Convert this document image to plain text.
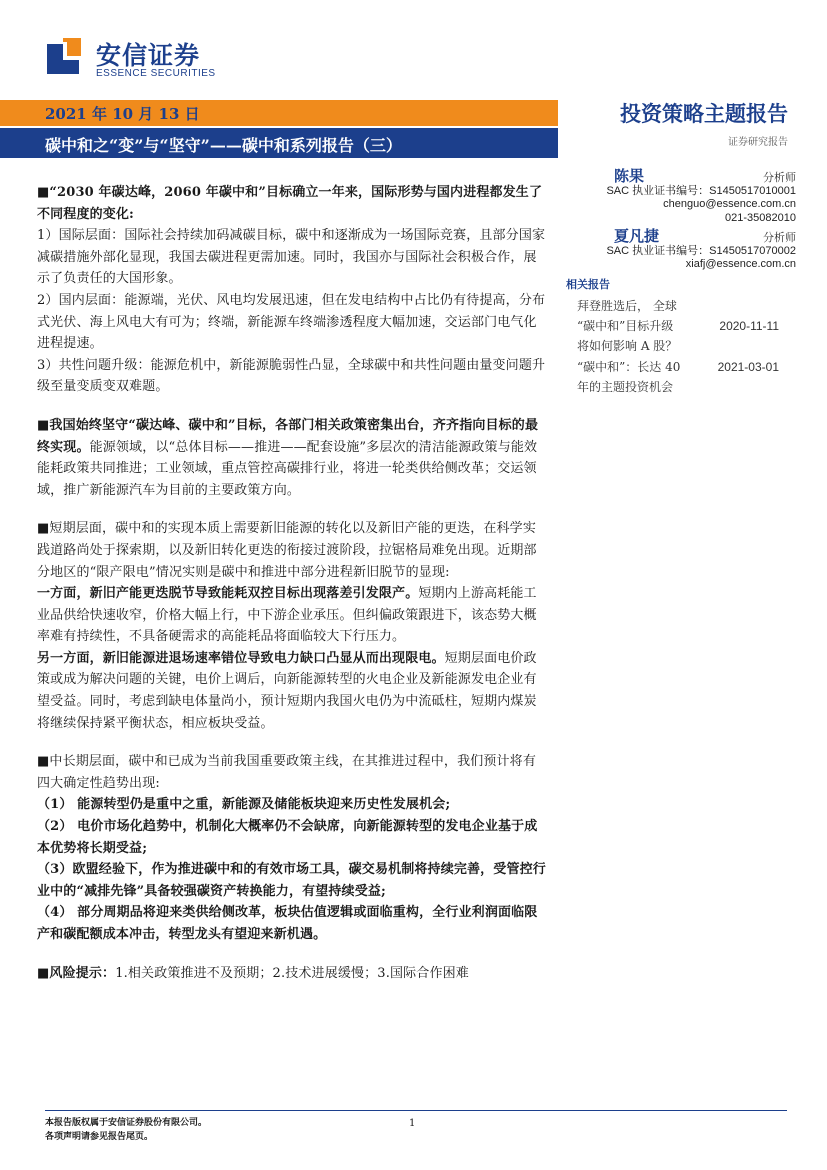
安信证券
ESSENCE SECURITIES
2021 年 10 月 13 日
碳中和之“变”与“坚守”——碳中和系列报告（三）
投资策略主题报告
证券研究报告

■“2030 年碳达峰，2060 年碳中和”目标确立一年来，国际形势与国内进程都发生了不同程度的变化:

1）国际层面：国际社会持续加码减碳目标，碳中和逐渐成为一场国际竞赛，且部分国家减碳措施外部化显现，我国去碳进程更需加速。同时，我国亦与国际社会积极合作，展示了负责任的大国形象。

2）国内层面：能源端，光伏、风电均发展迅速，但在发电结构中占比仍有待提高，分布式光伏、海上风电大有可为；终端，新能源车终端渗透程度大幅加速，交运部门电气化进程提速。

3）共性问题升级：能源危机中，新能源脆弱性凸显，全球碳中和共性问题由量变问题升级至量变质变双难题。

■我国始终坚守“碳达峰、碳中和”目标，各部门相关政策密集出台，齐齐指向目标的最终实现。能源领域，以“总体目标——推进——配套设施”多层次的清洁能源政策与能效能耗政策共同推进；工业领域，重点管控高碳排行业，将进一轮类供给侧改革；交运领域，推广新能源汽车为目前的主要政策方向。

■短期层面，碳中和的实现本质上需要新旧能源的转化以及新旧产能的更迭，在科学实践道路尚处于探索期，以及新旧转化更迭的衔接过渡阶段，拉锯格局难免出现。近期部分地区的“限产限电”情况实则是碳中和推进中部分进程新旧脱节的显现:

一方面，新旧产能更迭脱节导致能耗双控目标出现落差引发限产。短期内上游高耗能工业品供给快速收窄，价格大幅上行，中下游企业承压。但纠偏政策跟进下，该态势大概率难有持续性，不具备硬需求的高能耗品将面临较大下行压力。

另一方面，新旧能源进退场速率错位导致电力缺口凸显从而出现限电。短期层面电价政策或成为解决问题的关键，电价上调后，向新能源转型的火电企业及新能源发电企业有望受益。同时，考虑到缺电体量尚小，预计短期内我国火电仍为中流砥柱，短期内煤炭将继续保持紧平衡状态，相应板块受益。

■中长期层面，碳中和已成为当前我国重要政策主线，在其推进过程中，我们预计将有四大确定性趋势出现:

（1） 能源转型仍是重中之重，新能源及储能板块迎来历史性发展机会;

（2） 电价市场化趋势中，机制化大概率仍不会缺席，向新能源转型的发电企业基于成本优势将长期受益;

（3）欧盟经验下，作为推进碳中和的有效市场工具，碳交易机制将持续完善，受管控行业中的“减排先锋”具备较强碳资产转换能力，有望持续受益;

（4） 部分周期品将迎来类供给侧改革，板块估值逻辑或面临重构，全行业利润面临限产和碳配额成本冲击，转型龙头有望迎来新机遇。

■风险提示：1.相关政策推进不及预期；2.技术进展缓慢；3.国际合作困难

陈果	分析师
SAC 执业证书编号：S1450517010001
chenguo@essence.com.cn
021-35082010
夏凡捷	分析师
SAC 执业证书编号：S1450517070002
xiafj@essence.com.cn
相关报告
拜登胜选后， 全球
“碳中和”目标升级	2020-11-11
将如何影响 A 股？
“碳中和”：长达 40	2021-03-01
年的主题投资机会
本报告版权属于安信证券股份有限公司。
各项声明请参见报告尾页。
1
